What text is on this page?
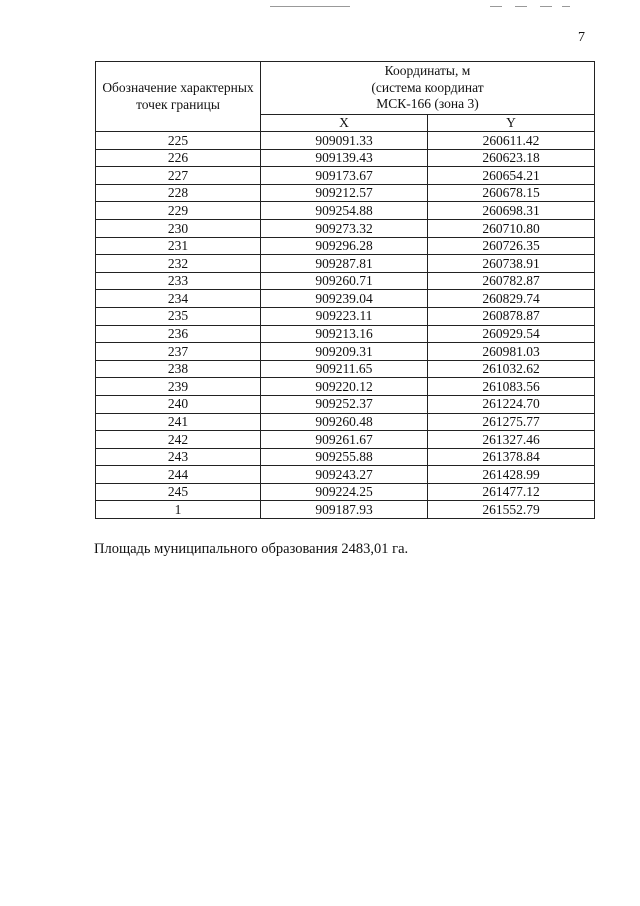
7
Обозначение характерных точек границы	Координаты, м
(система координат
МСК-166 (зона 3)	

	X	Y
225	909091.33	260611.42
226	909139.43	260623.18
227	909173.67	260654.21
228	909212.57	260678.15
229	909254.88	260698.31
230	909273.32	260710.80
231	909296.28	260726.35
232	909287.81	260738.91
233	909260.71	260782.87
234	909239.04	260829.74
235	909223.11	260878.87
236	909213.16	260929.54
237	909209.31	260981.03
238	909211.65	261032.62
239	909220.12	261083.56
240	909252.37	261224.70
241	909260.48	261275.77
242	909261.67	261327.46
243	909255.88	261378.84
244	909243.27	261428.99
245	909224.25	261477.12
1	909187.93	261552.79
Площадь муниципального образования 2483,01 га.
